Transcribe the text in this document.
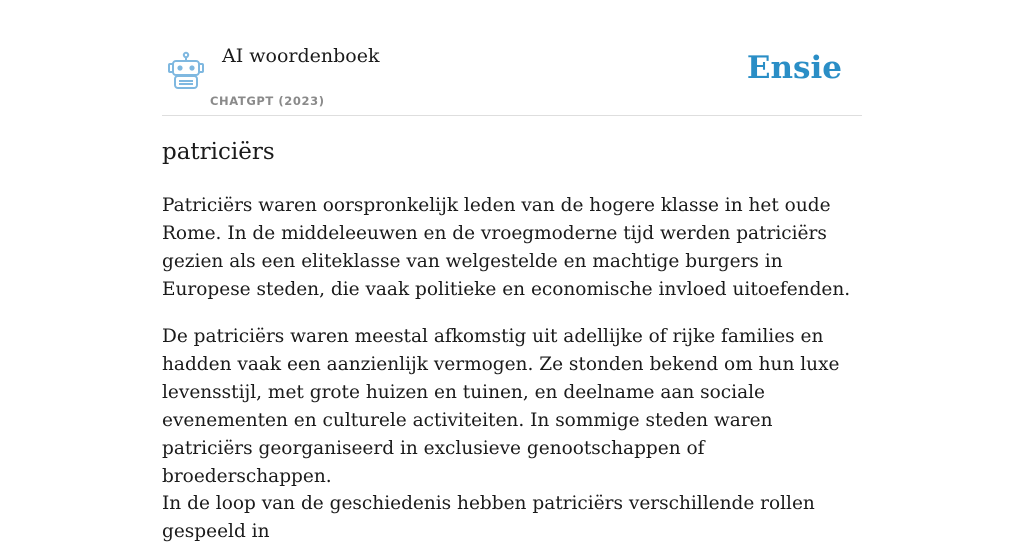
AI woordenboek
CHATGPT (2023)
Ensie
patriciërs

Patriciërs waren oorspronkelijk leden van de hogere klasse in het oude Rome. In de middeleeuwen en de vroegmoderne tijd werden patriciërs gezien als een eliteklasse van welgestelde en machtige burgers in Europese steden, die vaak politieke en economische invloed uitoefenden.

De patriciërs waren meestal afkomstig uit adellijke of rijke families en hadden vaak een aanzienlijk vermogen. Ze stonden bekend om hun luxe levensstijl, met grote huizen en tuinen, en deelname aan sociale evenementen en culturele activiteiten. In sommige steden waren patriciërs georganiseerd in exclusieve genootschappen of broederschappen.

In de loop van de geschiedenis hebben patriciërs verschillende rollen gespeeld in
